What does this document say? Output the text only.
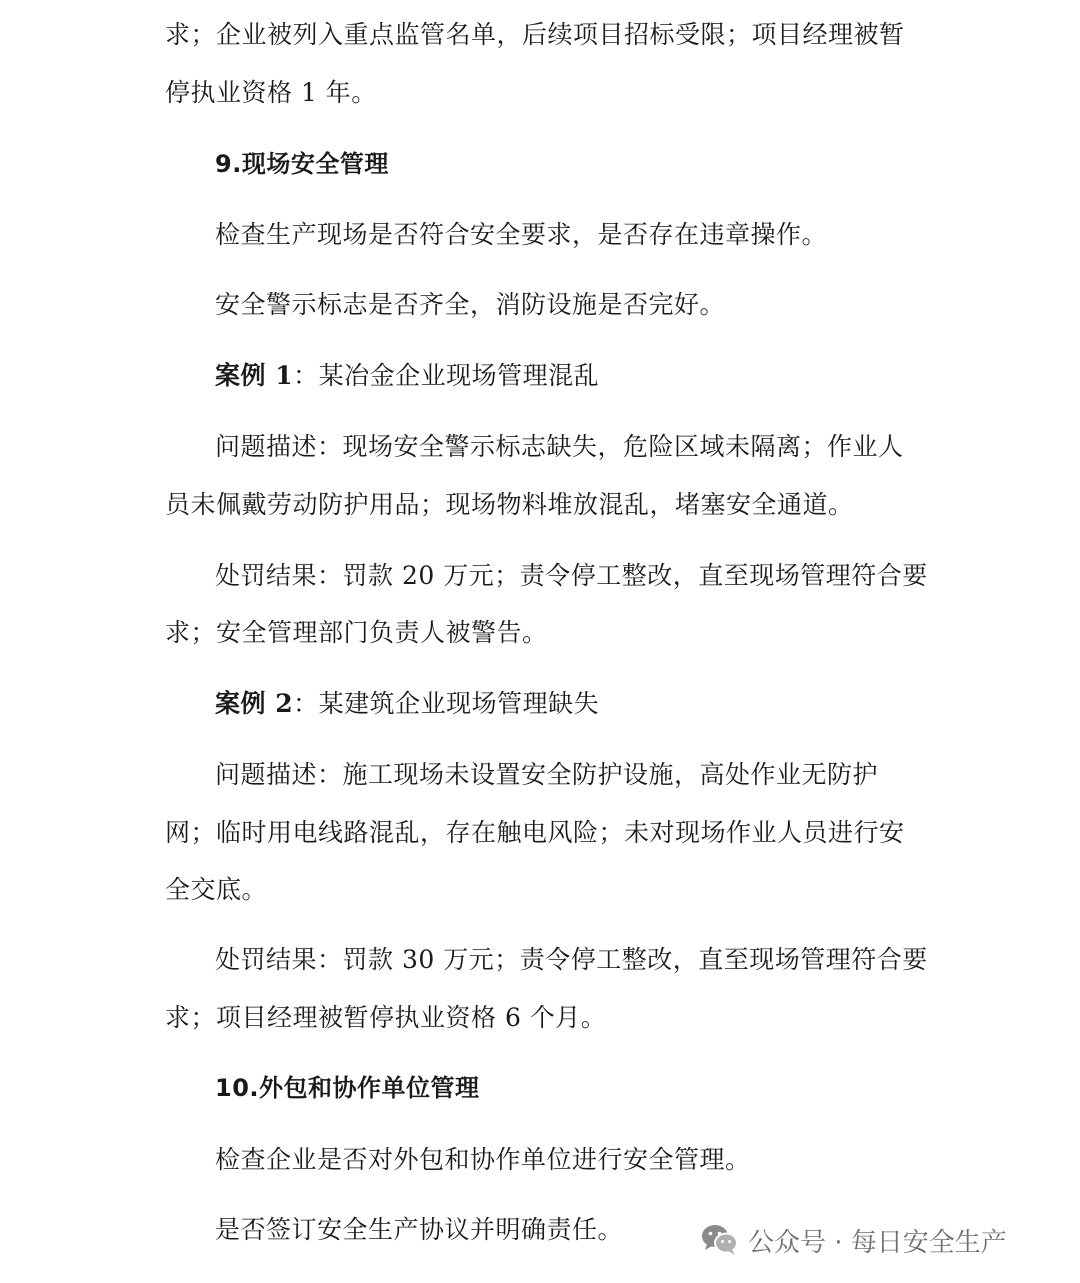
求；企业被列入重点监管名单，后续项目招标受限；项目经理被暂
停执业资格 1 年。
9.现场安全管理
检查生产现场是否符合安全要求，是否存在违章操作。
安全警示标志是否齐全，消防设施是否完好。
案例 1：某冶金企业现场管理混乱
问题描述：现场安全警示标志缺失，危险区域未隔离；作业人
员未佩戴劳动防护用品；现场物料堆放混乱，堵塞安全通道。
处罚结果：罚款 20 万元；责令停工整改，直至现场管理符合要
求；安全管理部门负责人被警告。
案例 2：某建筑企业现场管理缺失
问题描述：施工现场未设置安全防护设施，高处作业无防护
网；临时用电线路混乱，存在触电风险；未对现场作业人员进行安
全交底。
处罚结果：罚款 30 万元；责令停工整改，直至现场管理符合要
求；项目经理被暂停执业资格 6 个月。
10.外包和协作单位管理
检查企业是否对外包和协作单位进行安全管理。
是否签订安全生产协议并明确责任。	公众号 · 每日安全生产
